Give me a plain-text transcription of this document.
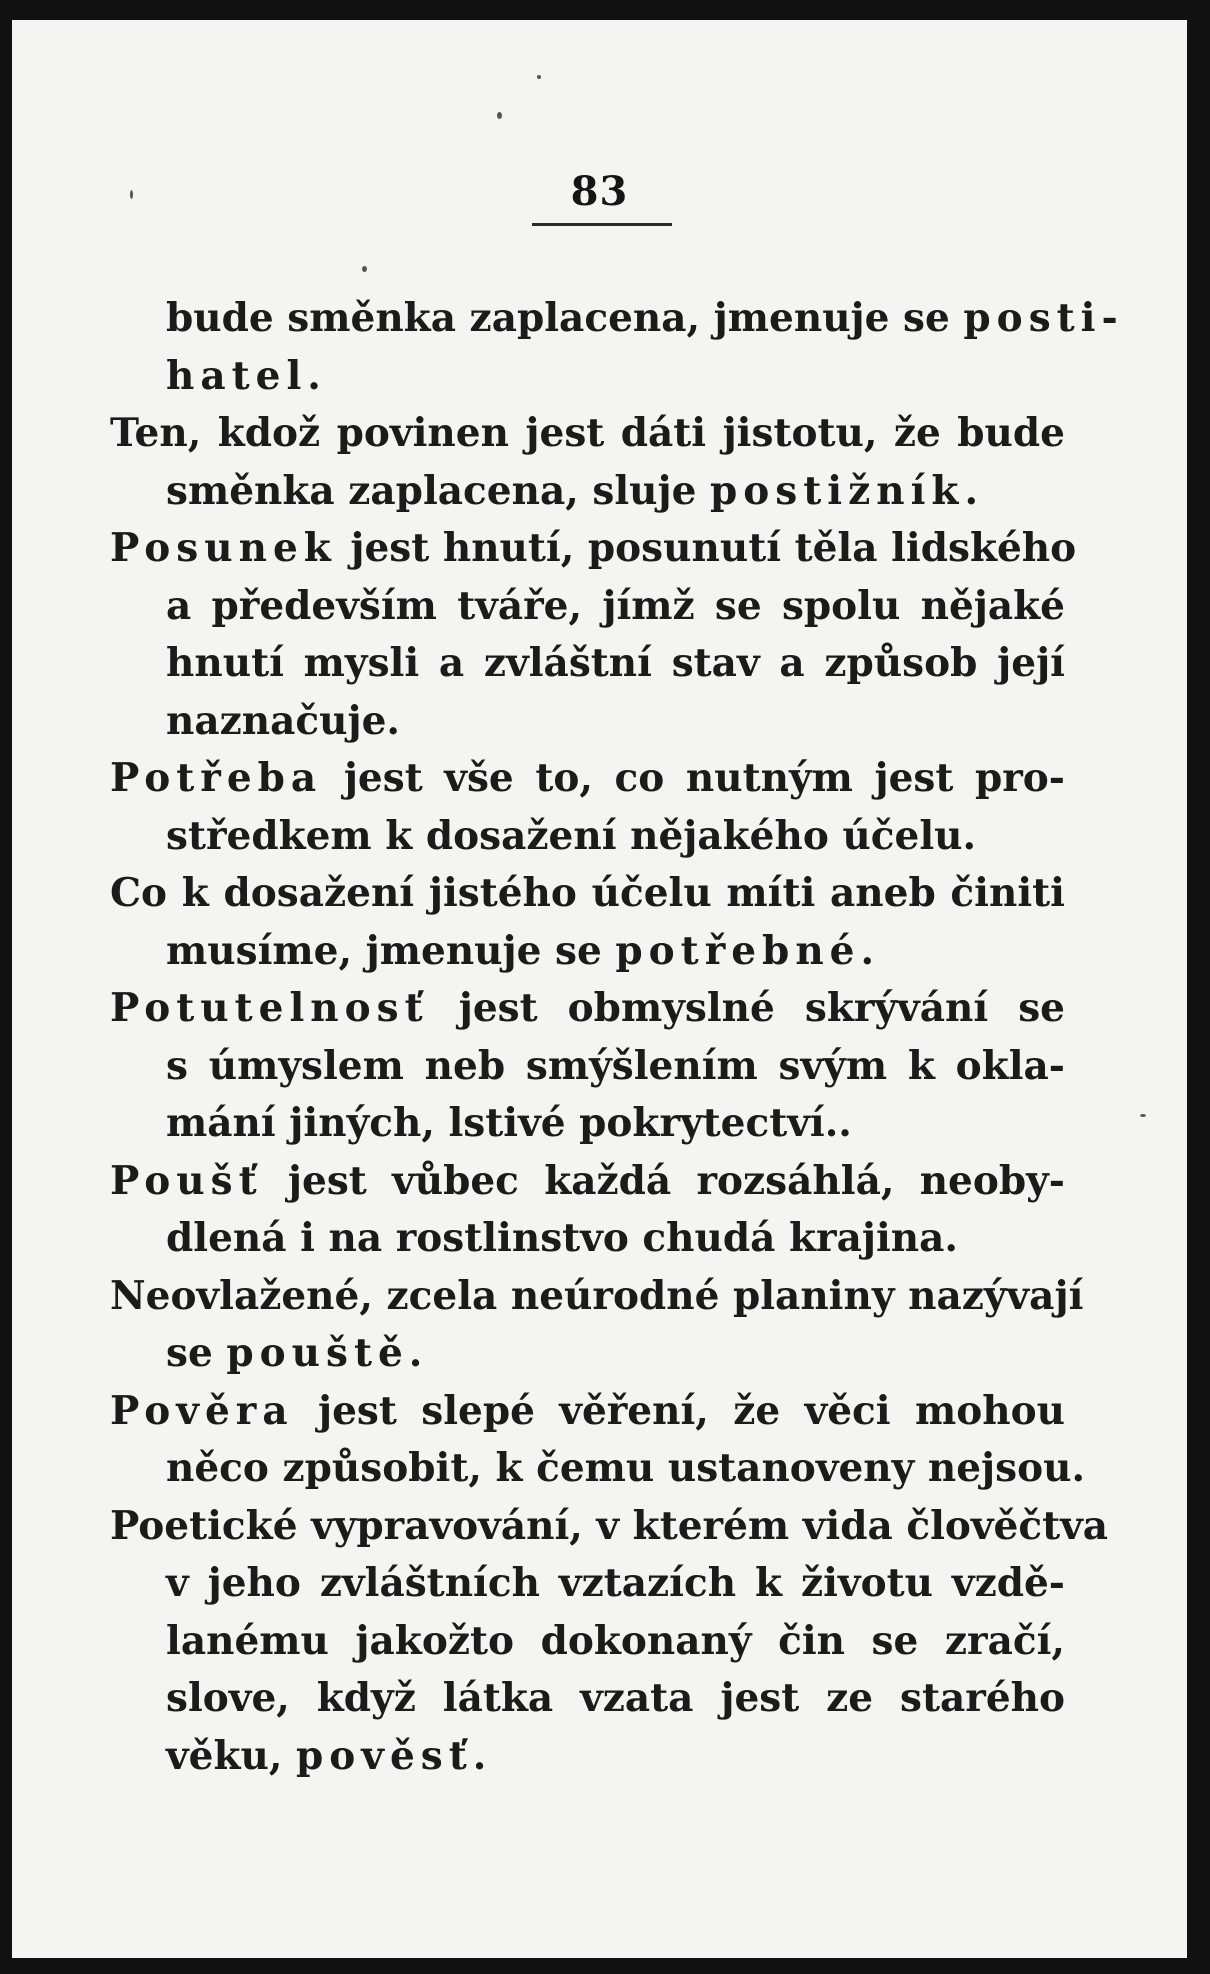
83
bude směnka zaplacena, jmenuje se posti-
hatel.
Ten, kdož povinen jest dáti jistotu, že bude
směnka zaplacena, sluje postižník.
Posunek jest hnutí, posunutí těla lidského
a především tváře, jímž se spolu nějaké
hnutí mysli a zvláštní stav a způsob její
naznačuje.
Potřeba jest vše to, co nutným jest pro-
středkem k dosažení nějakého účelu.
Co k dosažení jistého účelu míti aneb činiti
musíme, jmenuje se potřebné.
Potutelnosť jest obmyslné skrývání se
s úmyslem neb smýšlením svým k okla-
mání jiných, lstivé pokrytectví..
Poušť jest vůbec každá rozsáhlá, neoby-
dlená i na rostlinstvo chudá krajina.
Neovlažené, zcela neúrodné planiny nazývají
se pouště.
Pověra jest slepé věření, že věci mohou
něco způsobit, k čemu ustanoveny nejsou.
Poetické vypravování, v kterém vida člověčtva
v jeho zvláštních vztazích k životu vzdě-
lanému jakožto dokonaný čin se zračí,
slove, když látka vzata jest ze starého
věku, pověsť.
